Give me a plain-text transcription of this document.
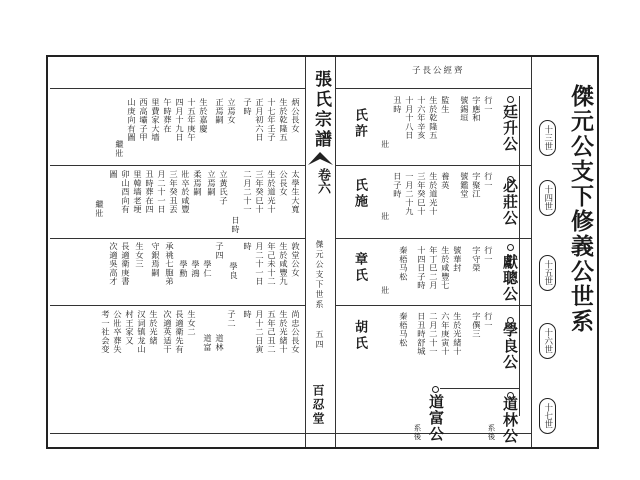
傑元公支下修義公世系
十三世
十四世
十五世
十六世
十七世
子長公經齊
張氏宗譜
卷六
傑元公支下世系
五四
百忍堂
廷升公
行一
字應和
號錫垣
監生
生於乾隆五
十六年辛亥
十月十八日
丑時
壯
氏許
必莊公
行一
字聚江
號鑑堂
養英
生於道光十
三年癸巳十
一月二十九
日子時
壯
氏施
獻聰公
行一
字守榮
號華封
生於咸豐七
年丁巳二月
十四日子時
秦梧马松
壯
章氏
學良公
行一
字僎三
生於光緒十
六年庚寅十
二月二十一
日丑時舒城
秦梧马松
胡氏
道林公
系後
道富公
系後
炳公長女
生於乾隆五
十七年壬子
正月初六日
子時
立焉女
正焉嗣
生於嘉慶
十五年庚午
四月十九日
午時葬在
里費家大墻
西高壩子甲
山庚向有圖
繼壯
太學生大寬
公長女
生於道光十
三年癸巳十
二月二十一
日時
立黃氏子
立焉嗣
柔焉嗣
壯卒於咸豐
三年癸丑丟
月二十一日
丑時葬在四
里韓墻老埂
卯山酉向有
圖
繼壯
敦堂公女
生於咸豐九
年己未十二
月二十一日
時
學良
子四
學仁
學鴻
學勳
承祧七胞弟
守銀焉嗣
生女三
長適衛庚書
次適吳高才
尚忠公長女
生於光緒十
五年己丑二
月十二日寅
時
子二
道林
道富
生女二
長適衛先有
次適英适干
生於光緒
汉词镇龙山
村王家又
公壯卒葬失
考一社会变
